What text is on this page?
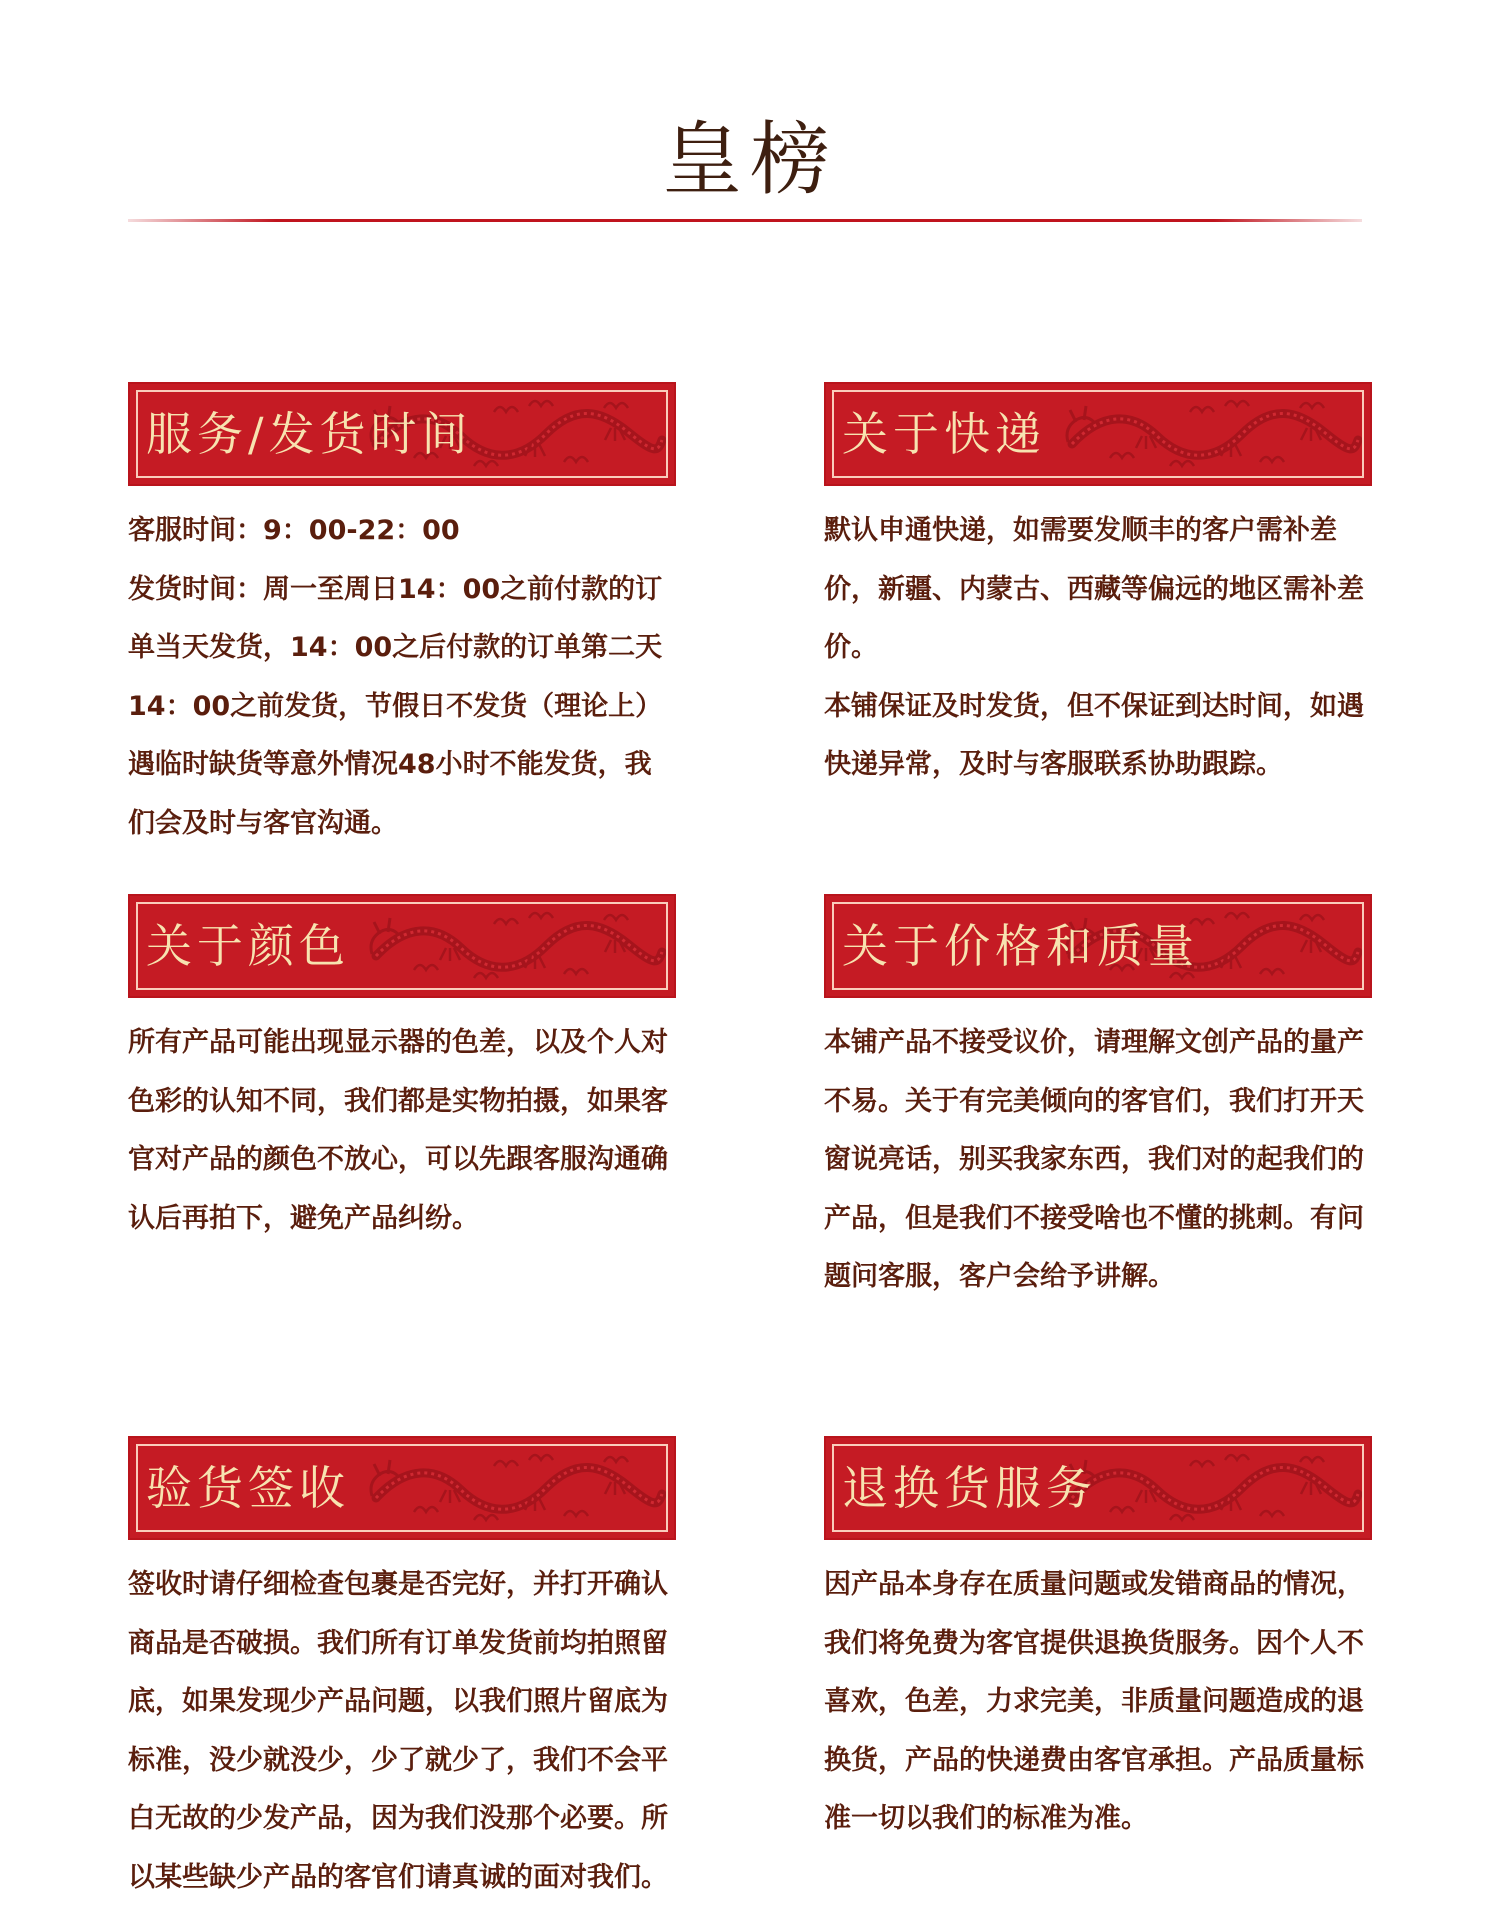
皇榜
服务/发货时间

客服时间：9：00-22：00

发货时间：周一至周日14：00之前付款的订单当天发货，14：00之后付款的订单第二天14：00之前发货，节假日不发货（理论上）遇临时缺货等意外情况48小时不能发货，我们会及时与客官沟通。

关于快递

默认申通快递，如需要发顺丰的客户需补差价，新疆、内蒙古、西藏等偏远的地区需补差价。

本铺保证及时发货，但不保证到达时间，如遇快递异常，及时与客服联系协助跟踪。

关于颜色

所有产品可能出现显示器的色差，以及个人对色彩的认知不同，我们都是实物拍摄，如果客官对产品的颜色不放心，可以先跟客服沟通确认后再拍下，避免产品纠纷。

关于价格和质量

本铺产品不接受议价，请理解文创产品的量产不易。关于有完美倾向的客官们，我们打开天窗说亮话，别买我家东西，我们对的起我们的产品，但是我们不接受啥也不懂的挑刺。有问题问客服，客户会给予讲解。

验货签收

签收时请仔细检查包裹是否完好，并打开确认商品是否破损。我们所有订单发货前均拍照留底，如果发现少产品问题，以我们照片留底为标准，没少就没少，少了就少了，我们不会平白无故的少发产品，因为我们没那个必要。所以某些缺少产品的客官们请真诚的面对我们。

退换货服务

因产品本身存在质量问题或发错商品的情况，我们将免费为客官提供退换货服务。因个人不喜欢，色差，力求完美，非质量问题造成的退换货，产品的快递费由客官承担。产品质量标准一切以我们的标准为准。
